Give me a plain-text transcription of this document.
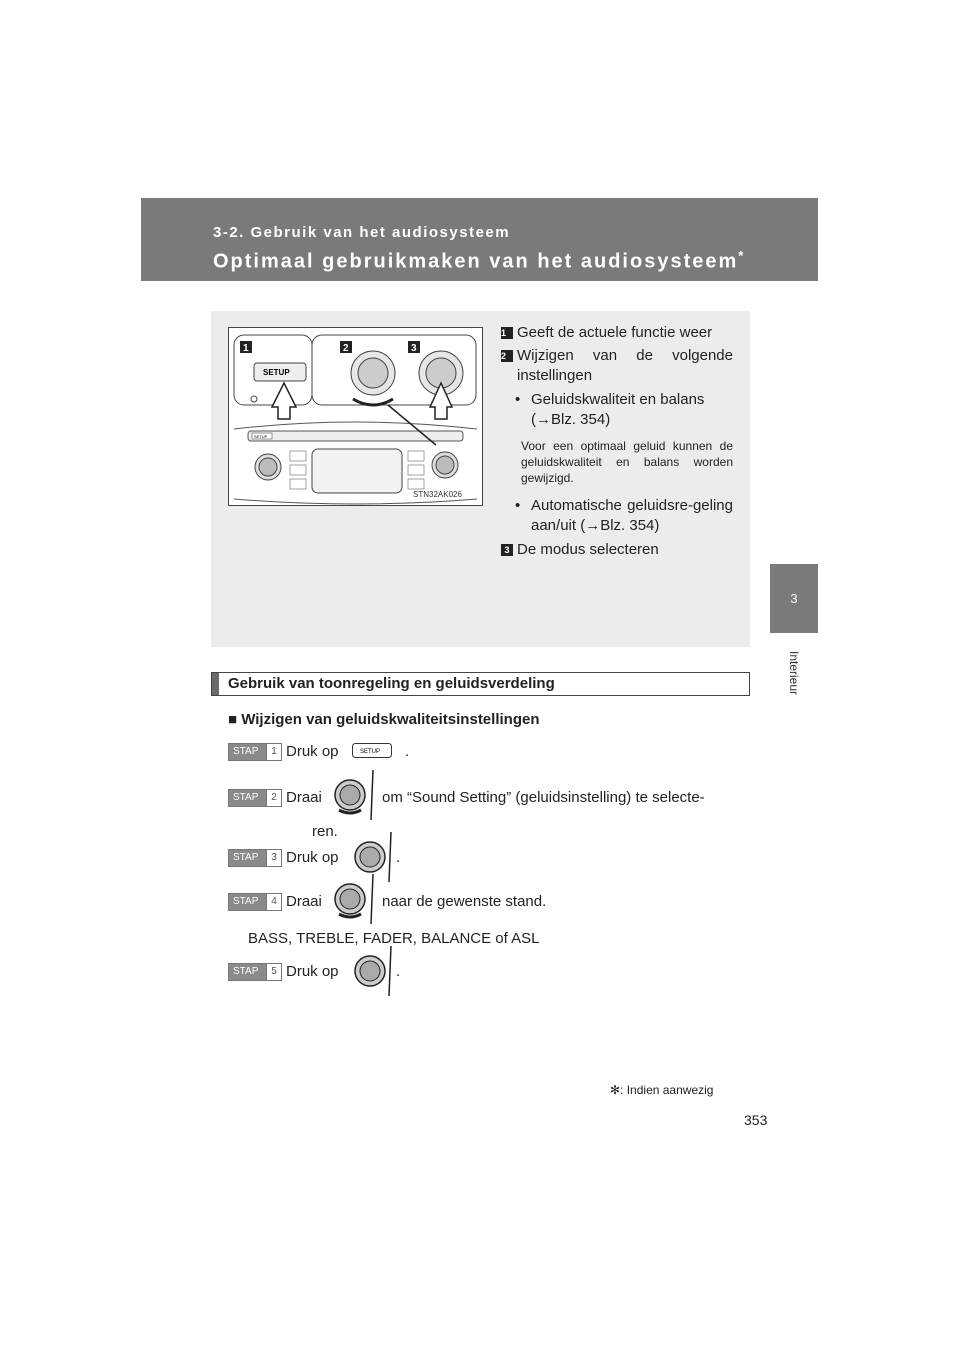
3-2. Gebruik van het audiosysteem
Optimaal gebruikmaken van het audiosysteem*
3
Interieur
SETUP
1
SETUP
2	3
STN32AK026
1 Geeft de actuele functie weer
2 Wijzigen van de volgende instellingen
• Geluidskwaliteit en balans (→Blz. 354)
Voor een optimaal geluid kunnen de geluidskwaliteit en balans worden gewijzigd.
• Automatische geluidsre-geling aan/uit (→Blz. 354)
3 De modus selecteren
Gebruik van toonregeling en geluidsverdeling
■ Wijzigen van geluidskwaliteitsinstellingen
STAP	1 Druk op	SETUP .
STAP	2 Draai	om “Sound Setting” (geluidsinstelling) te selecte-
ren.
STAP	3 Druk op	.
STAP	4 Draai	naar de gewenste stand.
BASS, TREBLE, FADER, BALANCE of ASL
STAP	5 Druk op	.
✻: Indien aanwezig
353
